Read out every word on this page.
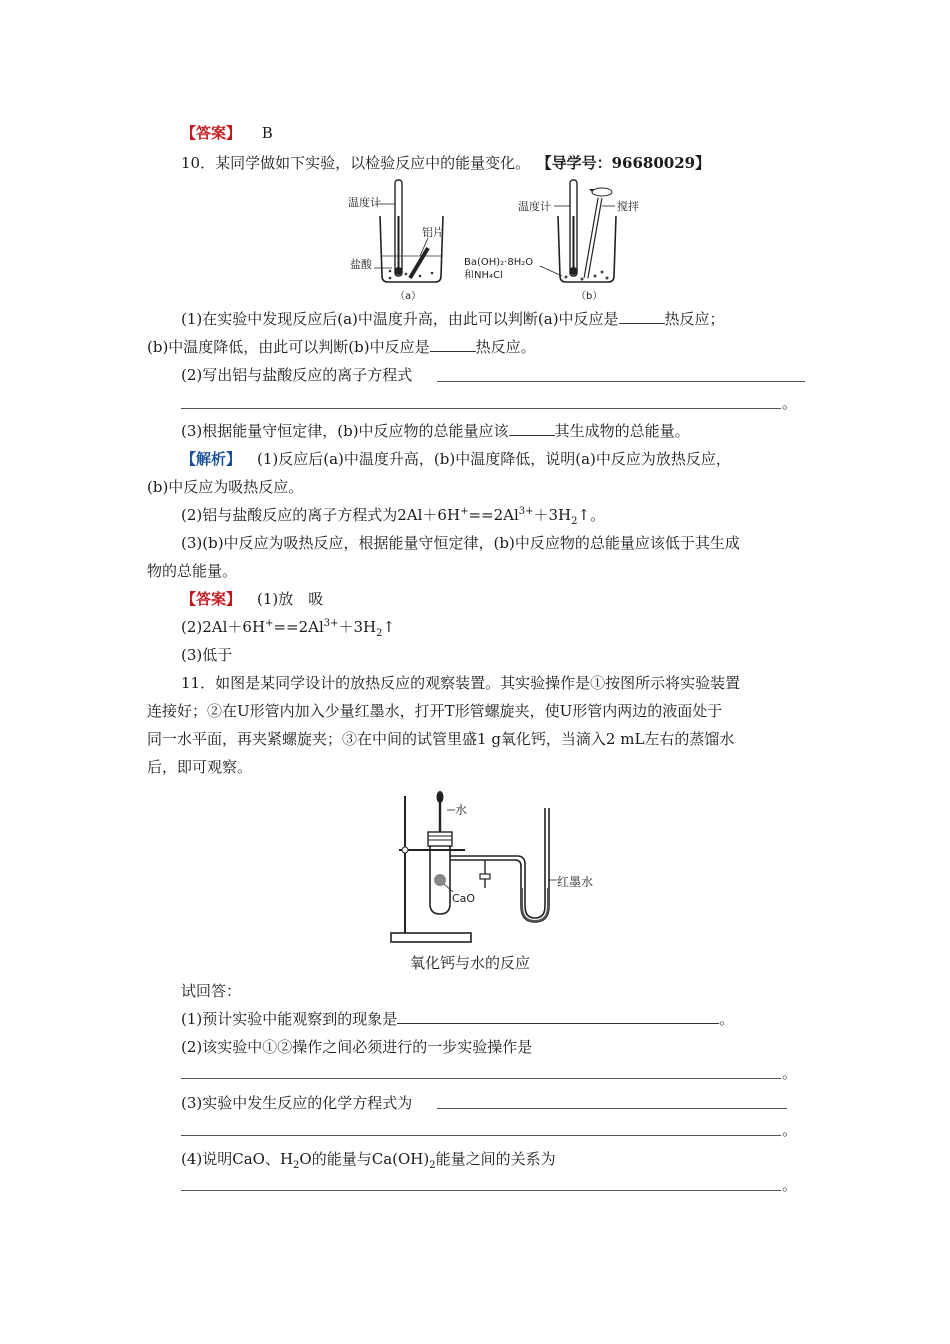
【答案】 B
10．某同学做如下实验，以检验反应中的能量变化。 【导学号：96680029】
温度计
铝片
盐酸
（a）
温度计	搅拌
Ba(OH)₂·8H₂O
和NH₄Cl
（b）
(1)在实验中发现反应后(a)中温度升高，由此可以判断(a)中反应是	热反应；
(b)中温度降低，由此可以判断(b)中反应是	热反应。
(2)写出铝与盐酸反应的离子方程式
。
(3)根据能量守恒定律，(b)中反应物的总能量应该	其生成物的总能量。
【解析】 (1)反应后(a)中温度升高，(b)中温度降低，说明(a)中反应为放热反应，
(b)中反应为吸热反应。
(2)铝与盐酸反应的离子方程式为$2Al+6H^+==2Al^{3+}+3H_2↑$。
(3)(b)中反应为吸热反应，根据能量守恒定律，(b)中反应物的总能量应该低于其生成
物的总能量。
【答案】 (1)放　吸
$(2)2Al+6H^+==2Al^{3+}+3H_2↑$
(3)低于
11．如图是某同学设计的放热反应的观察装置。其实验操作是①按图所示将实验装置
连接好；②在U形管内加入少量红墨水，打开T形管螺旋夹，使U形管内两边的液面处于
同一水平面，再夹紧螺旋夹；③在中间的试管里盛1 g氧化钙，当滴入2 mL左右的蒸馏水
后，即可观察。
水
CaO
红墨水
氧化钙与水的反应
试回答：
(1)预计实验中能观察到的现象是	。
(2)该实验中①②操作之间必须进行的一步实验操作是
。
(3)实验中发生反应的化学方程式为
。
(4)说明CaO、$H_2O$的能量与$Ca(OH)_2$能量之间的关系为
。
